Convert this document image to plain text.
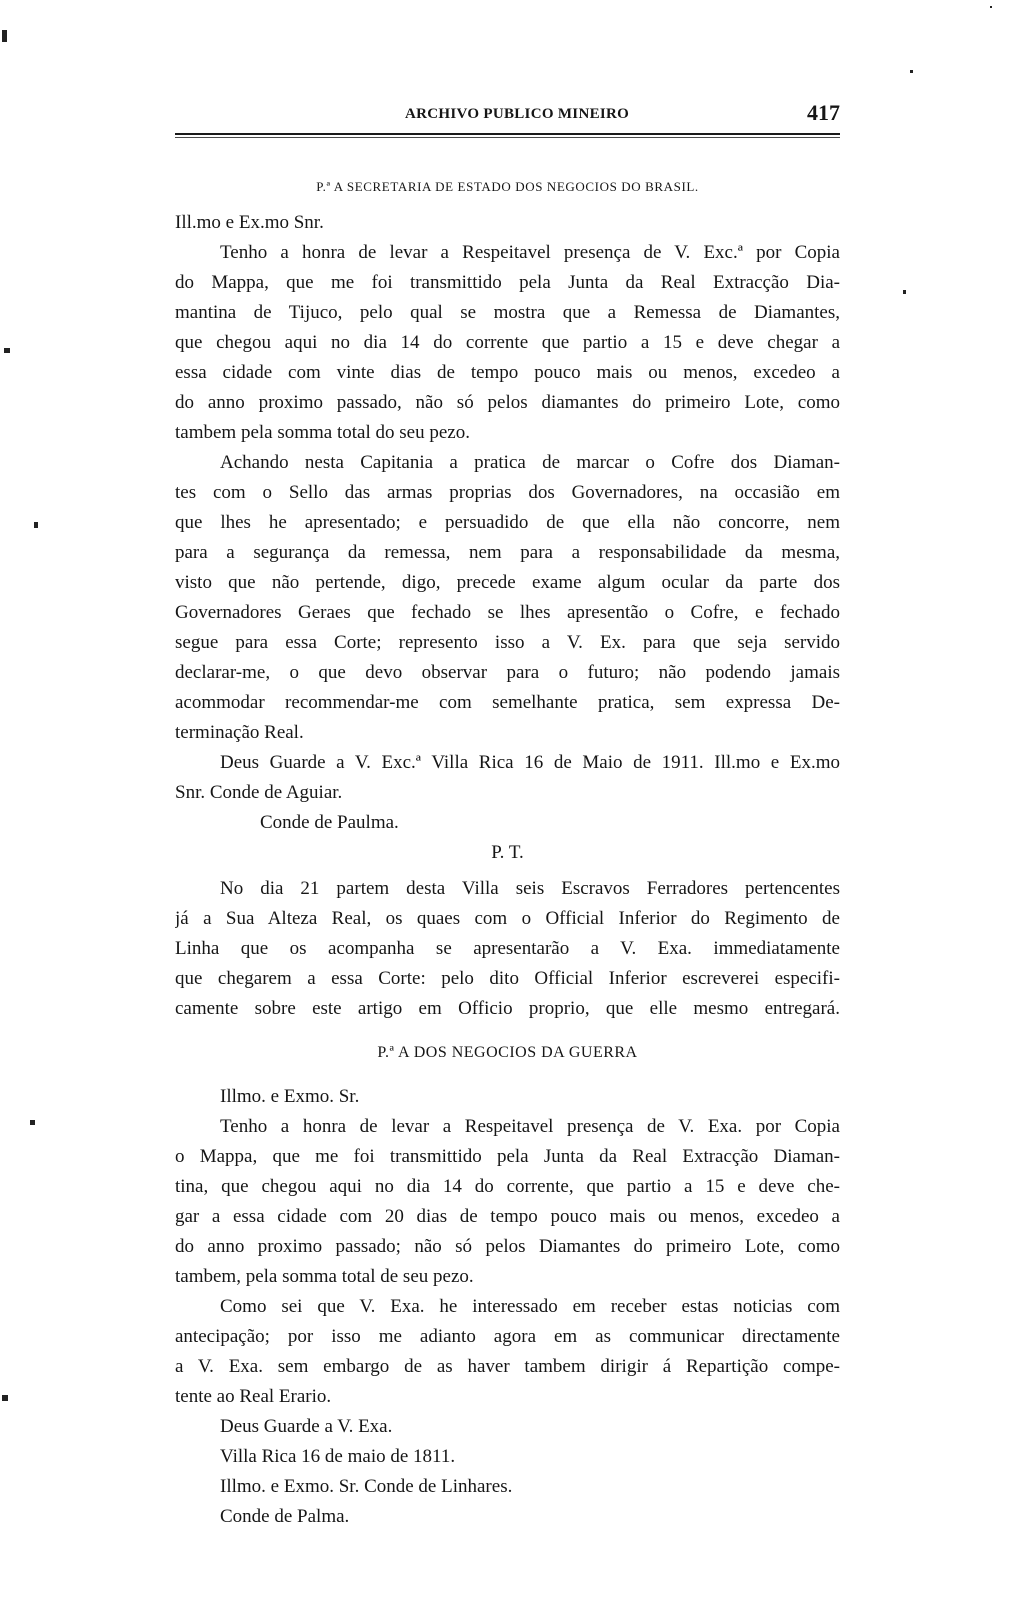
ARCHIVO PUBLICO MINEIRO	417
P.ª A SECRETARIA DE ESTADO DOS NEGOCIOS DO BRASIL.
Ill.mo e Ex.mo Snr.
Tenho a honra de levar a Respeitavel presença de V. Exc.ª por Copia
do Mappa, que me foi transmittido pela Junta da Real Extracção Dia-
mantina de Tijuco, pelo qual se mostra que a Remessa de Diamantes,
que chegou aqui no dia 14 do corrente que partio a 15 e deve chegar a
essa cidade com vinte dias de tempo pouco mais ou menos, excedeo a
do anno proximo passado, não só pelos diamantes do primeiro Lote, como
tambem pela somma total do seu pezo.
Achando nesta Capitania a pratica de marcar o Cofre dos Diaman-
tes com o Sello das armas proprias dos Governadores, na occasião em
que lhes he apresentado; e persuadido de que ella não concorre, nem
para a segurança da remessa, nem para a responsabilidade da mesma,
visto que não pertende, digo, precede exame algum ocular da parte dos
Governadores Geraes que fechado se lhes apresentão o Cofre, e fechado
segue para essa Corte; represento isso a V. Ex. para que seja servido
declarar-me, o que devo observar para o futuro; não podendo jamais
acommodar recommendar-me com semelhante pratica, sem expressa De-
terminação Real.
Deus Guarde a V. Exc.ª Villa Rica 16 de Maio de 1911. Ill.mo e Ex.mo
Snr. Conde de Aguiar.
Conde de Paulma.
P. T.
No dia 21 partem desta Villa seis Escravos Ferradores pertencentes
já a Sua Alteza Real, os quaes com o Official Inferior do Regimento de
Linha que os acompanha se apresentarão a V. Exa. immediatamente
que chegarem a essa Corte: pelo dito Official Inferior escreverei especifi-
camente sobre este artigo em Officio proprio, que elle mesmo entregará.
P.ª A DOS NEGOCIOS DA GUERRA
Illmo. e Exmo. Sr.
Tenho a honra de levar a Respeitavel presença de V. Exa. por Copia
o Mappa, que me foi transmittido pela Junta da Real Extracção Diaman-
tina, que chegou aqui no dia 14 do corrente, que partio a 15 e deve che-
gar a essa cidade com 20 dias de tempo pouco mais ou menos, excedeo a
do anno proximo passado; não só pelos Diamantes do primeiro Lote, como
tambem, pela somma total de seu pezo.
Como sei que V. Exa. he interessado em receber estas noticias com
antecipação; por isso me adianto agora em as communicar directamente
a V. Exa. sem embargo de as haver tambem dirigir á Repartição compe-
tente ao Real Erario.
Deus Guarde a V. Exa.
Villa Rica 16 de maio de 1811.
Illmo. e Exmo. Sr. Conde de Linhares.
Conde de Palma.
